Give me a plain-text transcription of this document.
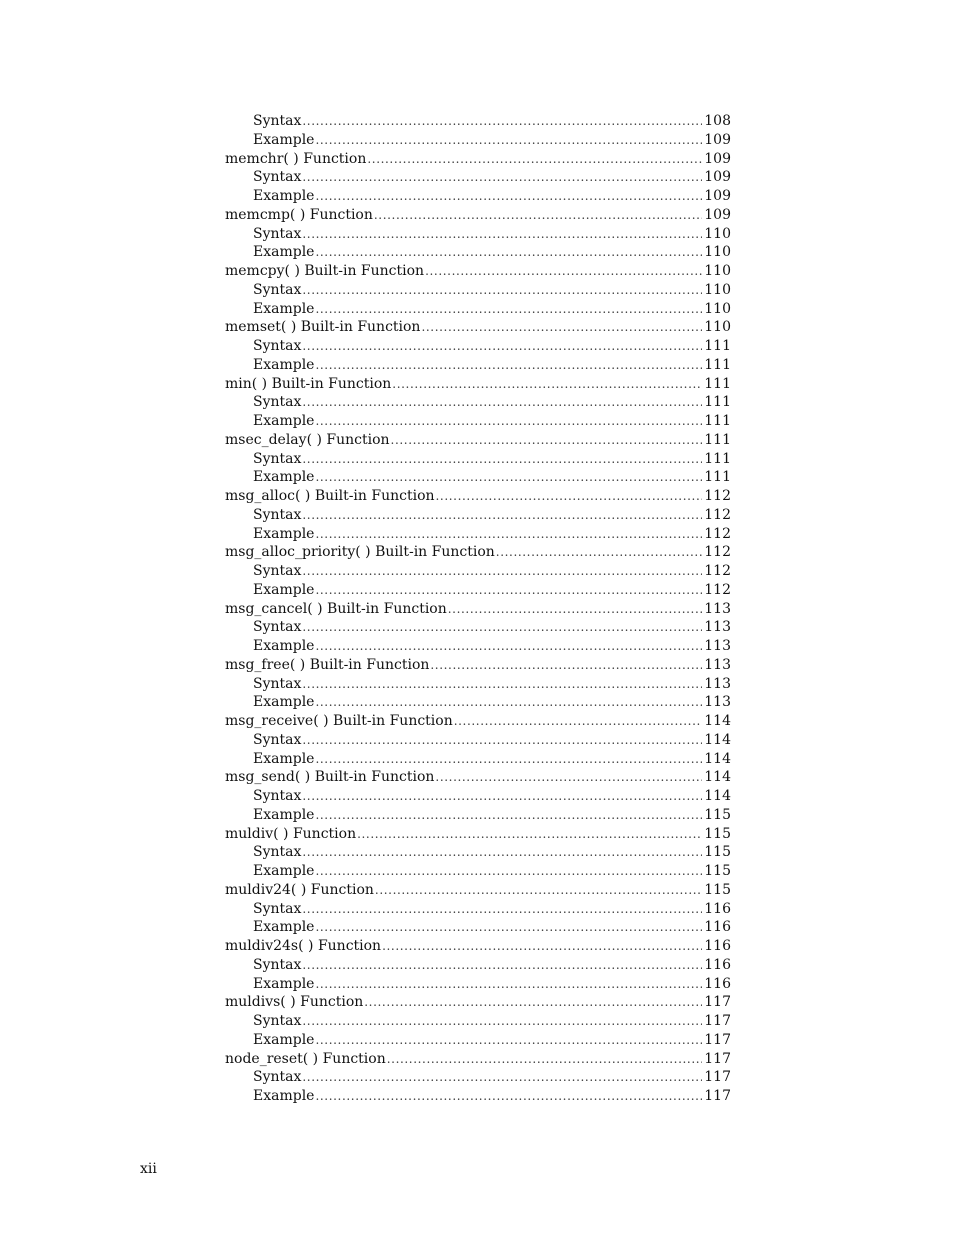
Syntax .....	108
Example .....	109
memchr( ) Function .....	109
Syntax .....	109
Example .....	109
memcmp( ) Function .....	109
Syntax .....	110
Example .....	110
memcpy( ) Built-in Function .....	110
Syntax .....	110
Example .....	110
memset( ) Built-in Function .....	110
Syntax .....	111
Example .....	111
min( ) Built-in Function .....	111
Syntax .....	111
Example .....	111
msec_delay( ) Function .....	111
Syntax .....	111
Example .....	111
msg_alloc( ) Built-in Function .....	112
Syntax .....	112
Example .....	112
msg_alloc_priority( ) Built-in Function .....	112
Syntax .....	112
Example .....	112
msg_cancel( ) Built-in Function .....	113
Syntax .....	113
Example .....	113
msg_free( ) Built-in Function .....	113
Syntax .....	113
Example .....	113
msg_receive( ) Built-in Function .....	114
Syntax .....	114
Example .....	114
msg_send( ) Built-in Function .....	114
Syntax .....	114
Example .....	115
muldiv( ) Function .....	115
Syntax .....	115
Example .....	115
muldiv24( ) Function .....	115
Syntax .....	116
Example .....	116
muldiv24s( ) Function .....	116
Syntax .....	116
Example .....	116
muldivs( ) Function .....	117
Syntax .....	117
Example .....	117
node_reset( ) Function .....	117
Syntax .....	117
Example .....	117
xii
